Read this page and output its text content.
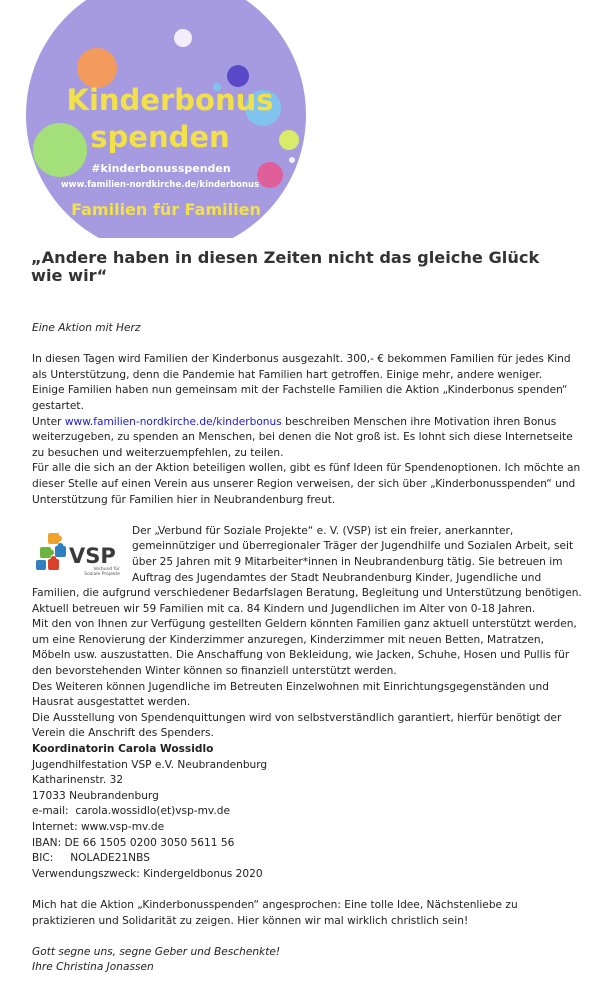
Kinderbonus
spenden
#kinderbonusspenden
www.familien-nordkirche.de/kinderbonus
Familien für Familien
„Andere haben in diesen Zeiten nicht das gleiche Glück wie wir“

Eine Aktion mit Herz

In diesen Tagen wird Familien der Kinderbonus ausgezahlt. 300,- € bekommen Familien für jedes Kind als Unterstützung, denn die Pandemie hat Familien hart getroffen. Einige mehr, andere weniger.

Einige Familien haben nun gemeinsam mit der Fachstelle Familien die Aktion „Kinderbonus spenden“ gestartet.

Unter www.familien-nordkirche.de/kinderbonus beschreiben Menschen ihre Motivation ihren Bonus weiterzugeben, zu spenden an Menschen, bei denen die Not groß ist. Es lohnt sich diese Internetseite zu besuchen und weiterzuempfehlen, zu teilen.

Für alle die sich an der Aktion beteiligen wollen, gibt es fünf Ideen für Spendenoptionen. Ich möchte an dieser Stelle auf einen Verein aus unserer Region verweisen, der sich über „Kinderbonusspenden“ und Unterstützung für Familien hier in Neubrandenburg freut.

VSP
Verbund für
Soziale Projekte

Der „Verbund für Soziale Projekte“ e. V. (VSP) ist ein freier, anerkannter, gemeinnütziger und überregionaler Träger der Jugendhilfe und Sozialen Arbeit, seit über 25 Jahren mit 9 Mitarbeiter*innen in Neubrandenburg tätig. Sie betreuen im Auftrag des Jugendamtes der Stadt Neubrandenburg Kinder, Jugendliche und Familien, die aufgrund verschiedener Bedarfslagen Beratung, Begleitung und Unterstützung benötigen.

Aktuell betreuen wir 59 Familien mit ca. 84 Kindern und Jugendlichen im Alter von 0-18 Jahren.

Mit den von Ihnen zur Verfügung gestellten Geldern könnten Familien ganz aktuell unterstützt werden, um eine Renovierung der Kinderzimmer anzuregen, Kinderzimmer mit neuen Betten, Matratzen, Möbeln usw. auszustatten. Die Anschaffung von Bekleidung, wie Jacken, Schuhe, Hosen und Pullis für den bevorstehenden Winter können so finanziell unterstützt werden.

Des Weiteren können Jugendliche im Betreuten Einzelwohnen mit Einrichtungsgegenständen und Hausrat ausgestattet werden.

Die Ausstellung von Spendenquittungen wird von selbstverständlich garantiert, hierfür benötigt der Verein die Anschrift des Spenders.

Koordinatorin Carola Wossidlo

Jugendhilfestation VSP e.V. Neubrandenburg

Katharinenstr. 32

17033 Neubrandenburg

e-mail:  carola.wossidlo(et)vsp-mv.de

Internet: www.vsp-mv.de

IBAN: DE 66 1505 0200 3050 5611 56

BIC:     NOLADE21NBS

Verwendungszweck: Kindergeldbonus 2020

Mich hat die Aktion „Kinderbonusspenden“ angesprochen: Eine tolle Idee, Nächstenliebe zu praktizieren und Solidarität zu zeigen. Hier können wir mal wirklich christlich sein!

Gott segne uns, segne Geber und Beschenkte!

Ihre Christina Jonassen
